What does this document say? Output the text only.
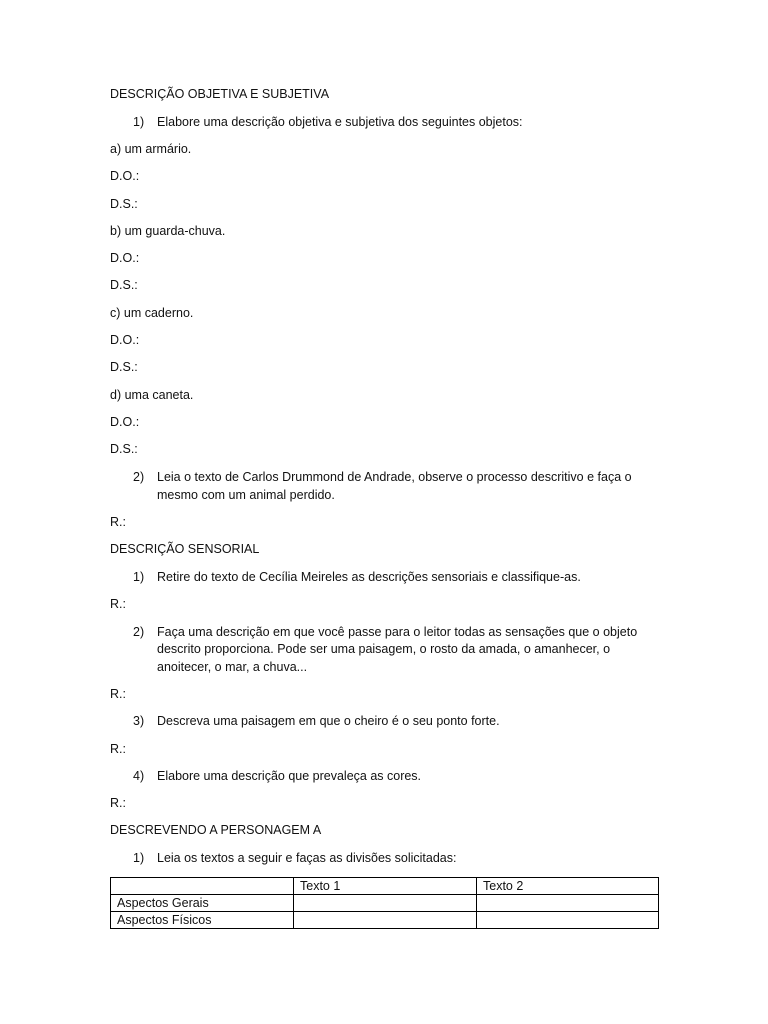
DESCRIÇÃO OBJETIVA E SUBJETIVA
1) Elabore uma descrição objetiva e subjetiva dos seguintes objetos:
a) um armário.
D.O.:
D.S.:
b) um guarda-chuva.
D.O.:
D.S.:
c) um caderno.
D.O.:
D.S.:
d) uma caneta.
D.O.:
D.S.:
2) Leia o texto de Carlos Drummond de Andrade, observe o processo descritivo e faça o
mesmo com um animal perdido.
R.:
DESCRIÇÃO SENSORIAL
1) Retire do texto de Cecília Meireles as descrições sensoriais e classifique-as.
R.:
2) Faça uma descrição em que você passe para o leitor todas as sensações que o objeto
descrito proporciona. Pode ser uma paisagem, o rosto da amada, o amanhecer, o
anoitecer, o mar, a chuva...
R.:
3) Descreva uma paisagem em que o cheiro é o seu ponto forte.
R.:
4) Elabore uma descrição que prevaleça as cores.
R.:
DESCREVENDO A PERSONAGEM A
1) Leia os textos a seguir e faças as divisões solicitadas:
	Texto 1	Texto 2
Aspectos Gerais		
Aspectos Físicos		
